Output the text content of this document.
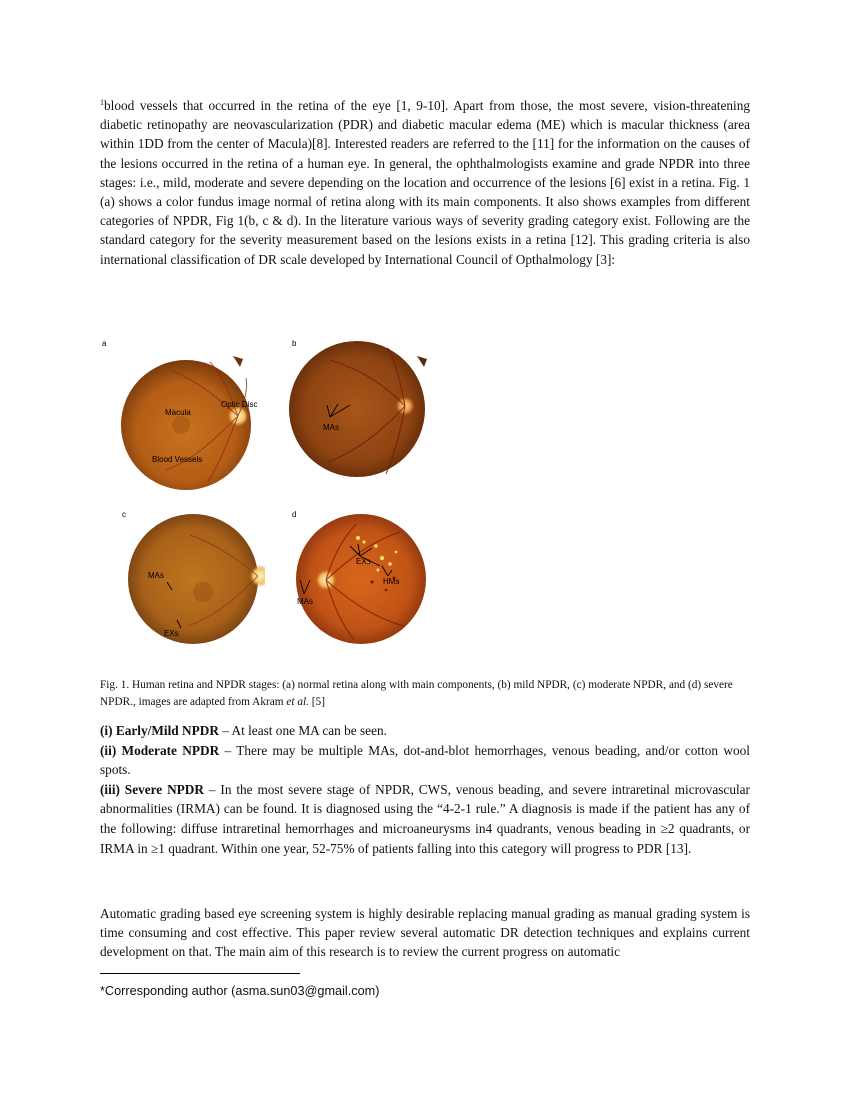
$^1$blood vessels that occurred in the retina of the eye [1, 9-10]. Apart from those, the most severe, vision-threatening diabetic retinopathy are neovascularization (PDR) and diabetic macular edema (ME) which is macular thickness (area within 1DD from the center of Macula)[8]. Interested readers are referred to the [11] for the information on the causes of the lesions occurred in the retina of a human eye. In general, the ophthalmologists examine and grade NPDR into three stages: i.e., mild, moderate and severe depending on the location and occurrence of the lesions [6] exist in a retina. Fig. 1 (a) shows a color fundus image normal of retina along with its main components. It also shows examples from different categories of NPDR, Fig 1(b, c & d). In the literature various ways of severity grading category exist. Following are the standard category for the severity measurement based on the lesions exists in a retina [12]. This grading criteria is also international classification of DR scale developed by International Council of Opthalmology [3]:
a
Macula
Optic Disc
Blood Vessels
b
MAs
c
MAs
EXs
d
EXs
HMs
MAs
Fig. 1. Human retina and NPDR stages: (a) normal retina along with main components, (b) mild NPDR, (c) moderate NPDR, and (d) severe NPDR., images are adapted from Akram et al. [5]

(i) Early/Mild NPDR – At least one MA can be seen.

(ii) Moderate NPDR – There may be multiple MAs, dot-and-blot hemorrhages, venous beading, and/or cotton wool spots.

(iii) Severe NPDR – In the most severe stage of NPDR, CWS, venous beading, and severe intraretinal microvascular abnormalities (IRMA) can be found. It is diagnosed using the “4-2-1 rule.” A diagnosis is made if the patient has any of the following: diffuse intraretinal hemorrhages and microaneurysms in4 quadrants, venous beading in ≥2 quadrants, or IRMA in ≥1 quadrant. Within one year, 52-75% of patients falling into this category will progress to PDR [13].

Automatic grading based eye screening system is highly desirable replacing manual grading as manual grading system is time consuming and cost effective. This paper review several automatic DR detection techniques and explains current development on that. The main aim of this research is to review the current progress on automatic
*Corresponding author (asma.sun03@gmail.com)
